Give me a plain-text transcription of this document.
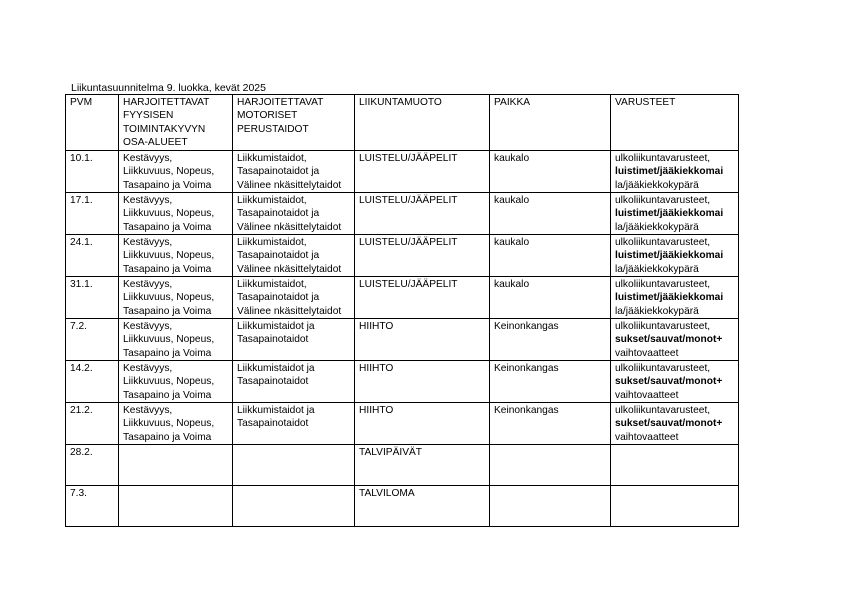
Liikuntasuunnitelma 9. luokka, kevät 2025
PVM	HARJOITETTAVAT
FYYSISEN
TOIMINTAKYVYN
OSA-ALUEET	HARJOITETTAVAT
MOTORISET
PERUSTAIDOT	LIIKUNTAMUOTO	PAIKKA	VARUSTEET

10.1.	Kestävyys,
Liikkuvuus, Nopeus,
Tasapaino ja Voima	Liikkumistaidot,
Tasapainotaidot ja
Välinee nkäsittelytaidot	LUISTELU/JÄÄPELIT	kaukalo	ulkoliikuntavarusteet,
luistimet/jääkiekkomai
la/jääkiekkokypärä

17.1.	Kestävyys,
Liikkuvuus, Nopeus,
Tasapaino ja Voima	Liikkumistaidot,
Tasapainotaidot ja
Välinee nkäsittelytaidot	LUISTELU/JÄÄPELIT	kaukalo	ulkoliikuntavarusteet,
luistimet/jääkiekkomai
la/jääkiekkokypärä

24.1.	Kestävyys,
Liikkuvuus, Nopeus,
Tasapaino ja Voima	Liikkumistaidot,
Tasapainotaidot ja
Välinee nkäsittelytaidot	LUISTELU/JÄÄPELIT	kaukalo	ulkoliikuntavarusteet,
luistimet/jääkiekkomai
la/jääkiekkokypärä

31.1.	Kestävyys,
Liikkuvuus, Nopeus,
Tasapaino ja Voima	Liikkumistaidot,
Tasapainotaidot ja
Välinee nkäsittelytaidot	LUISTELU/JÄÄPELIT	kaukalo	ulkoliikuntavarusteet,
luistimet/jääkiekkomai
la/jääkiekkokypärä

7.2.	Kestävyys,
Liikkuvuus, Nopeus,
Tasapaino ja Voima	Liikkumistaidot ja
Tasapainotaidot	HIIHTO	Keinonkangas	ulkoliikuntavarusteet,
sukset/sauvat/monot+
vaihtovaatteet

14.2.	Kestävyys,
Liikkuvuus, Nopeus,
Tasapaino ja Voima	Liikkumistaidot ja
Tasapainotaidot	HIIHTO	Keinonkangas	ulkoliikuntavarusteet,
sukset/sauvat/monot+
vaihtovaatteet

21.2.	Kestävyys,
Liikkuvuus, Nopeus,
Tasapaino ja Voima	Liikkumistaidot ja
Tasapainotaidot	HIIHTO	Keinonkangas	ulkoliikuntavarusteet,
sukset/sauvat/monot+
vaihtovaatteet

28.2.			TALVIPÄIVÄT		

7.3.			TALVILOMA		
